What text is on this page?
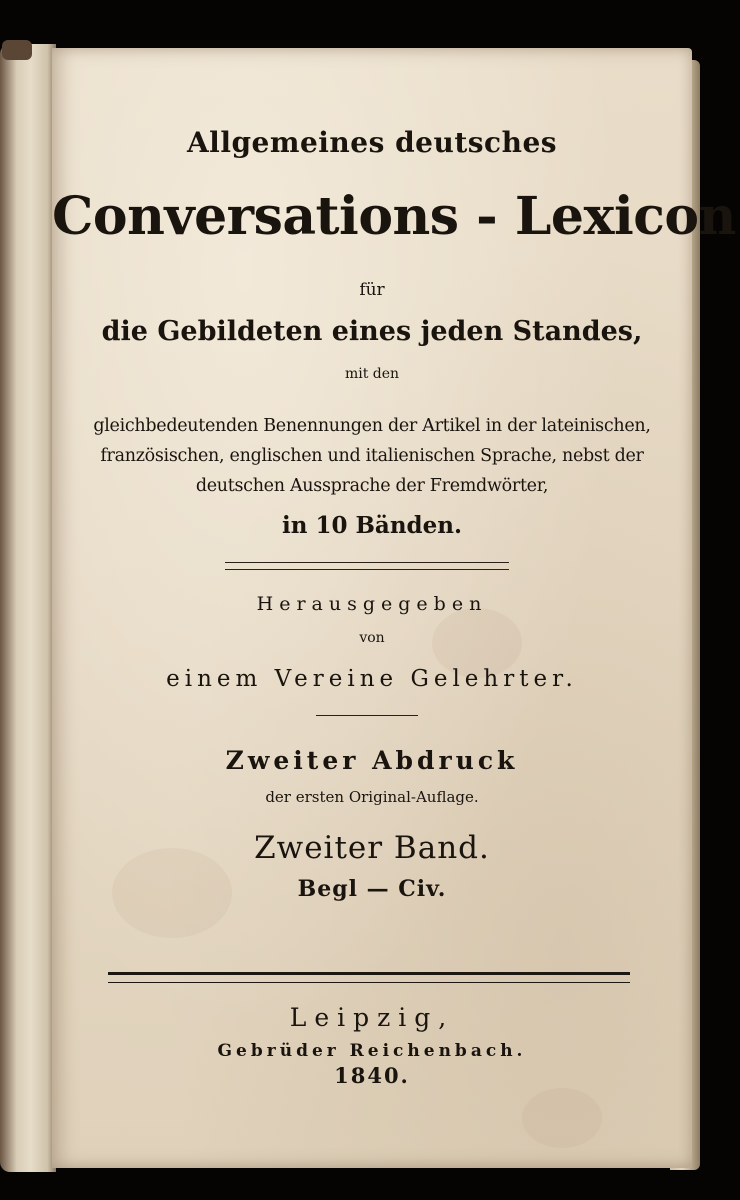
Allgemeines deutsches
Conversations - Lexicon
für
die Gebildeten eines jeden Standes,
mit den
gleichbedeutenden Benennungen der Artikel in der lateinischen,
französischen, englischen und italienischen Sprache, nebst der
deutschen Aussprache der Fremdwörter,
in 10 Bänden.
Herausgegeben
von
einem Vereine Gelehrter.
Zweiter Abdruck
der ersten Original-Auflage.
Zweiter Band.
Begl — Civ.
Leipzig,
Gebrüder Reichenbach.
1840.
